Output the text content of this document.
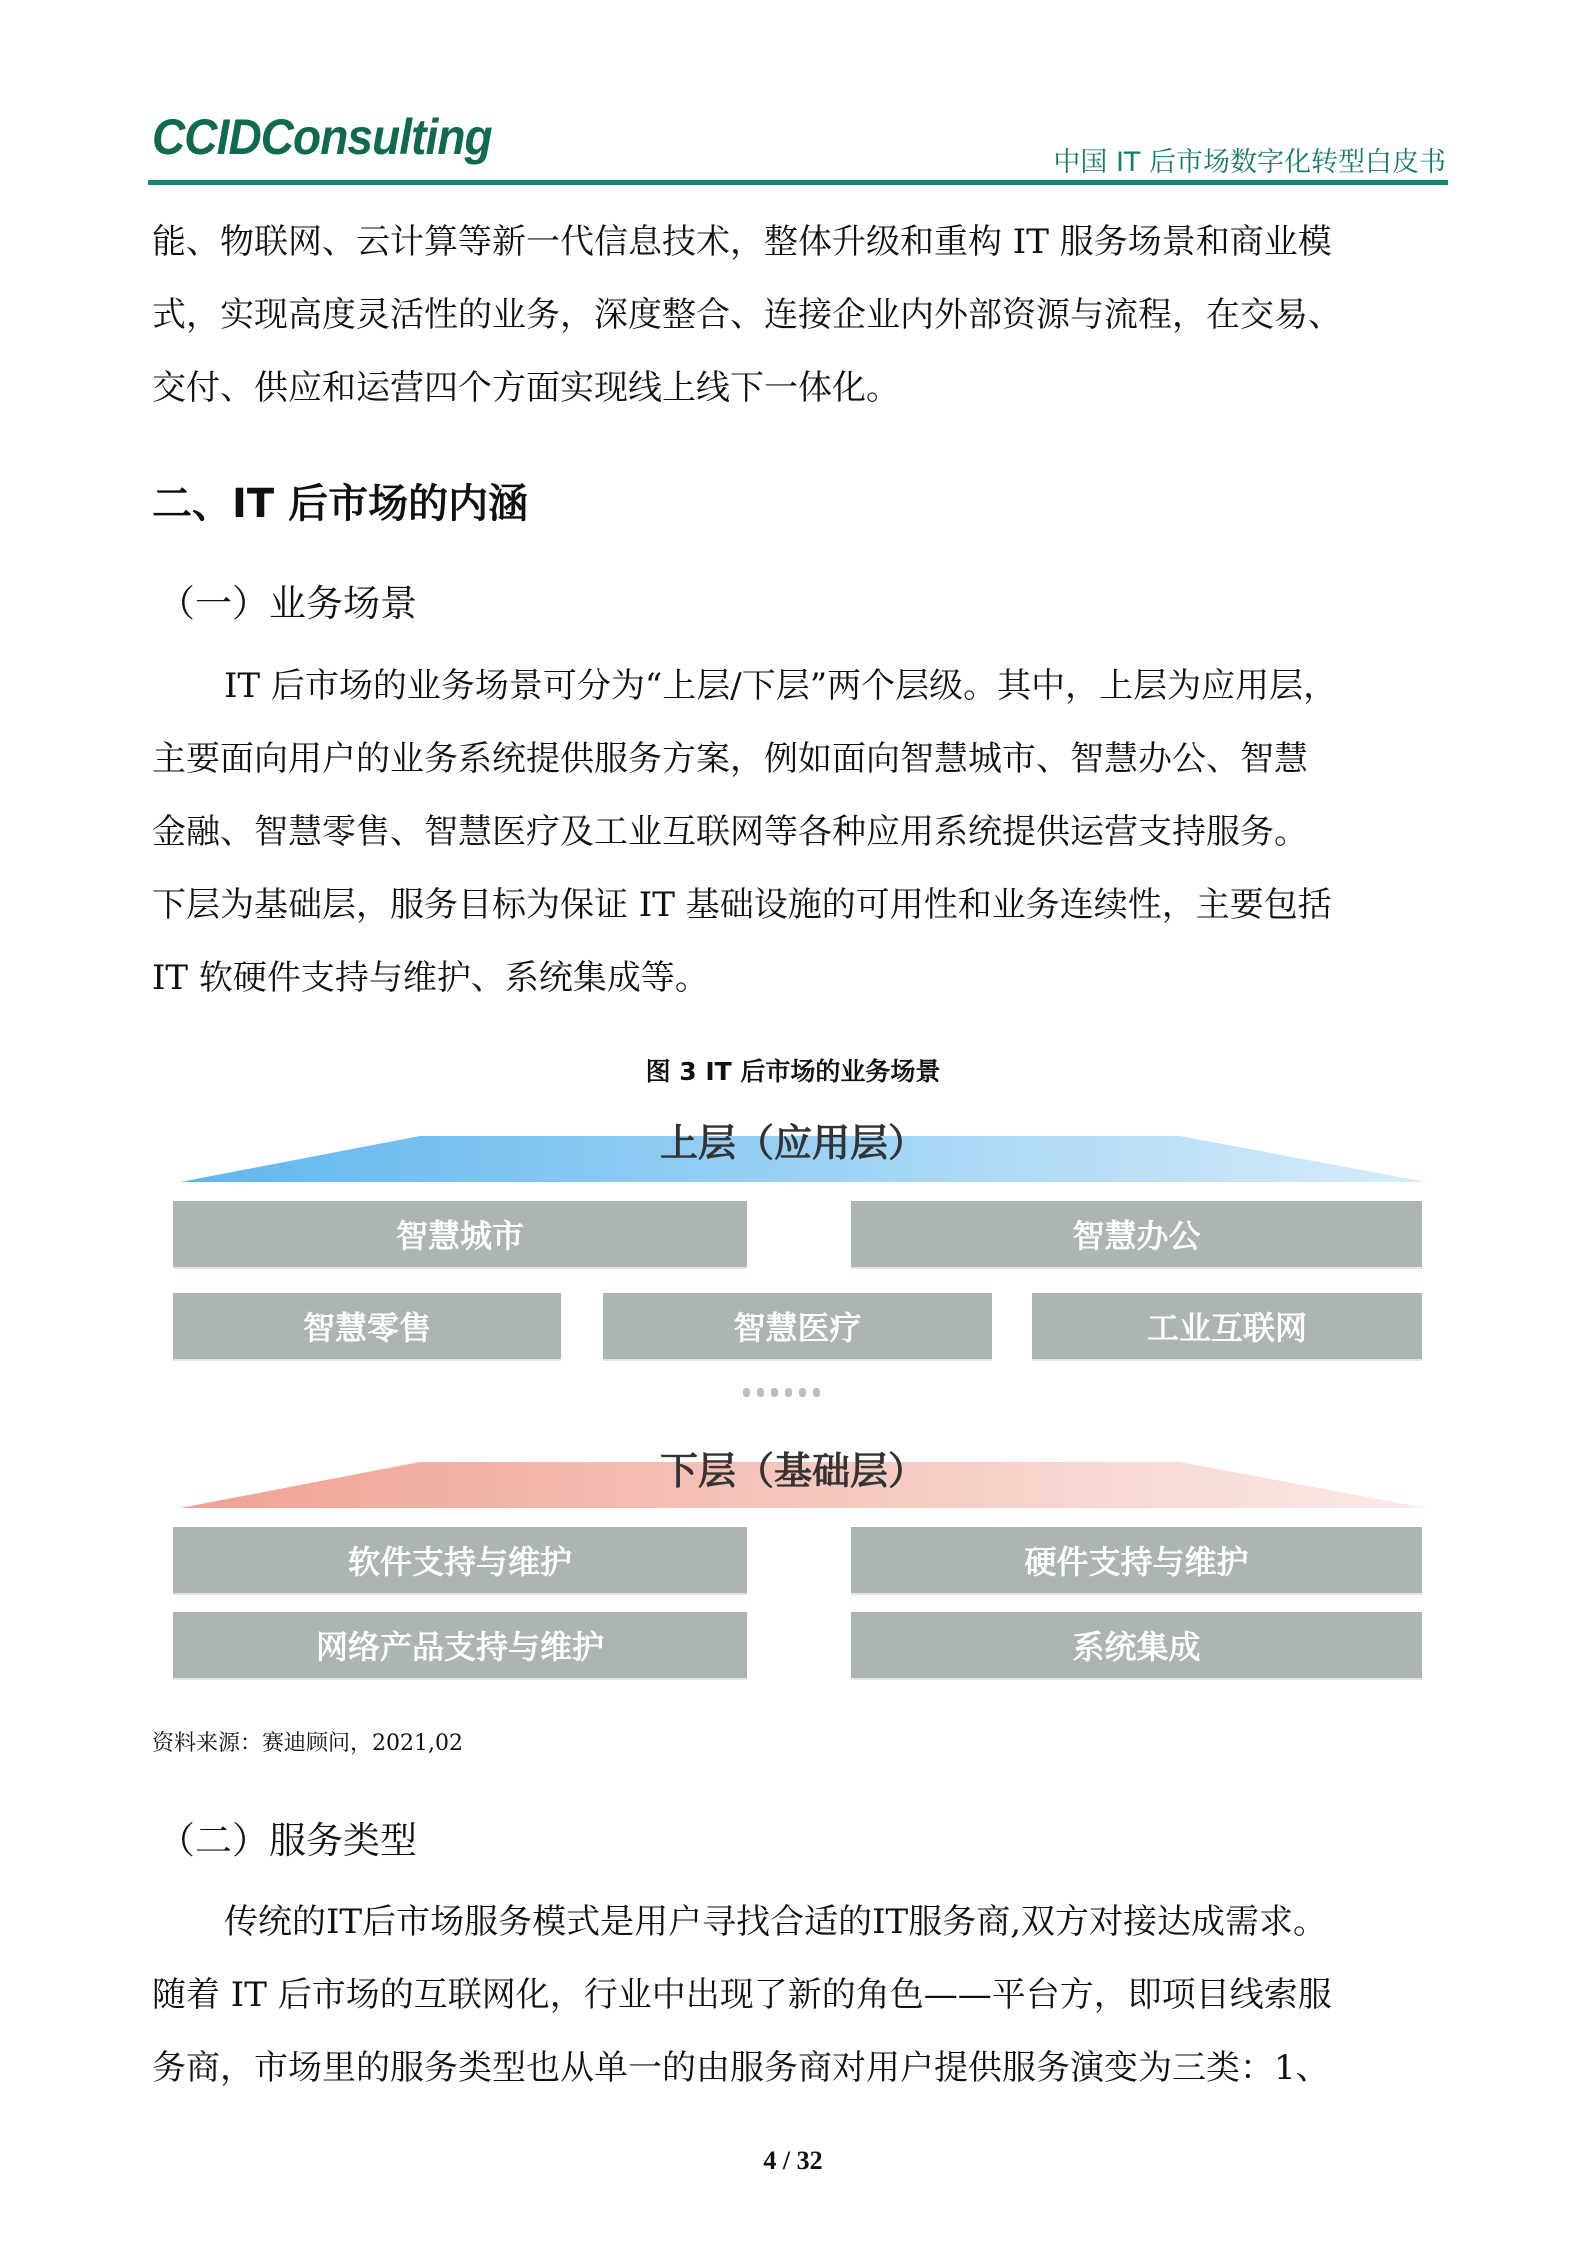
CCIDConsulting	中国 IT 后市场数字化转型白皮书
能、物联网、云计算等新一代信息技术，整体升级和重构 IT 服务场景和商业模
式，实现高度灵活性的业务，深度整合、连接企业内外部资源与流程，在交易、
交付、供应和运营四个方面实现线上线下一体化。
二、IT 后市场的内涵
（一）业务场景
IT 后市场的业务场景可分为“上层/下层”两个层级。其中，上层为应用层，
主要面向用户的业务系统提供服务方案，例如面向智慧城市、智慧办公、智慧
金融、智慧零售、智慧医疗及工业互联网等各种应用系统提供运营支持服务。
下层为基础层，服务目标为保证 IT 基础设施的可用性和业务连续性，主要包括
IT 软硬件支持与维护、系统集成等。
图 3 IT 后市场的业务场景
上层（应用层）
智慧城市	智慧办公
智慧零售	智慧医疗	工业互联网
下层（基础层）
软件支持与维护	硬件支持与维护
网络产品支持与维护	系统集成
资料来源：赛迪顾问，2021,02
（二）服务类型
传统的IT后市场服务模式是用户寻找合适的IT服务商,双方对接达成需求。
随着 IT 后市场的互联网化，行业中出现了新的角色——平台方，即项目线索服
务商，市场里的服务类型也从单一的由服务商对用户提供服务演变为三类：1、
4 / 32
